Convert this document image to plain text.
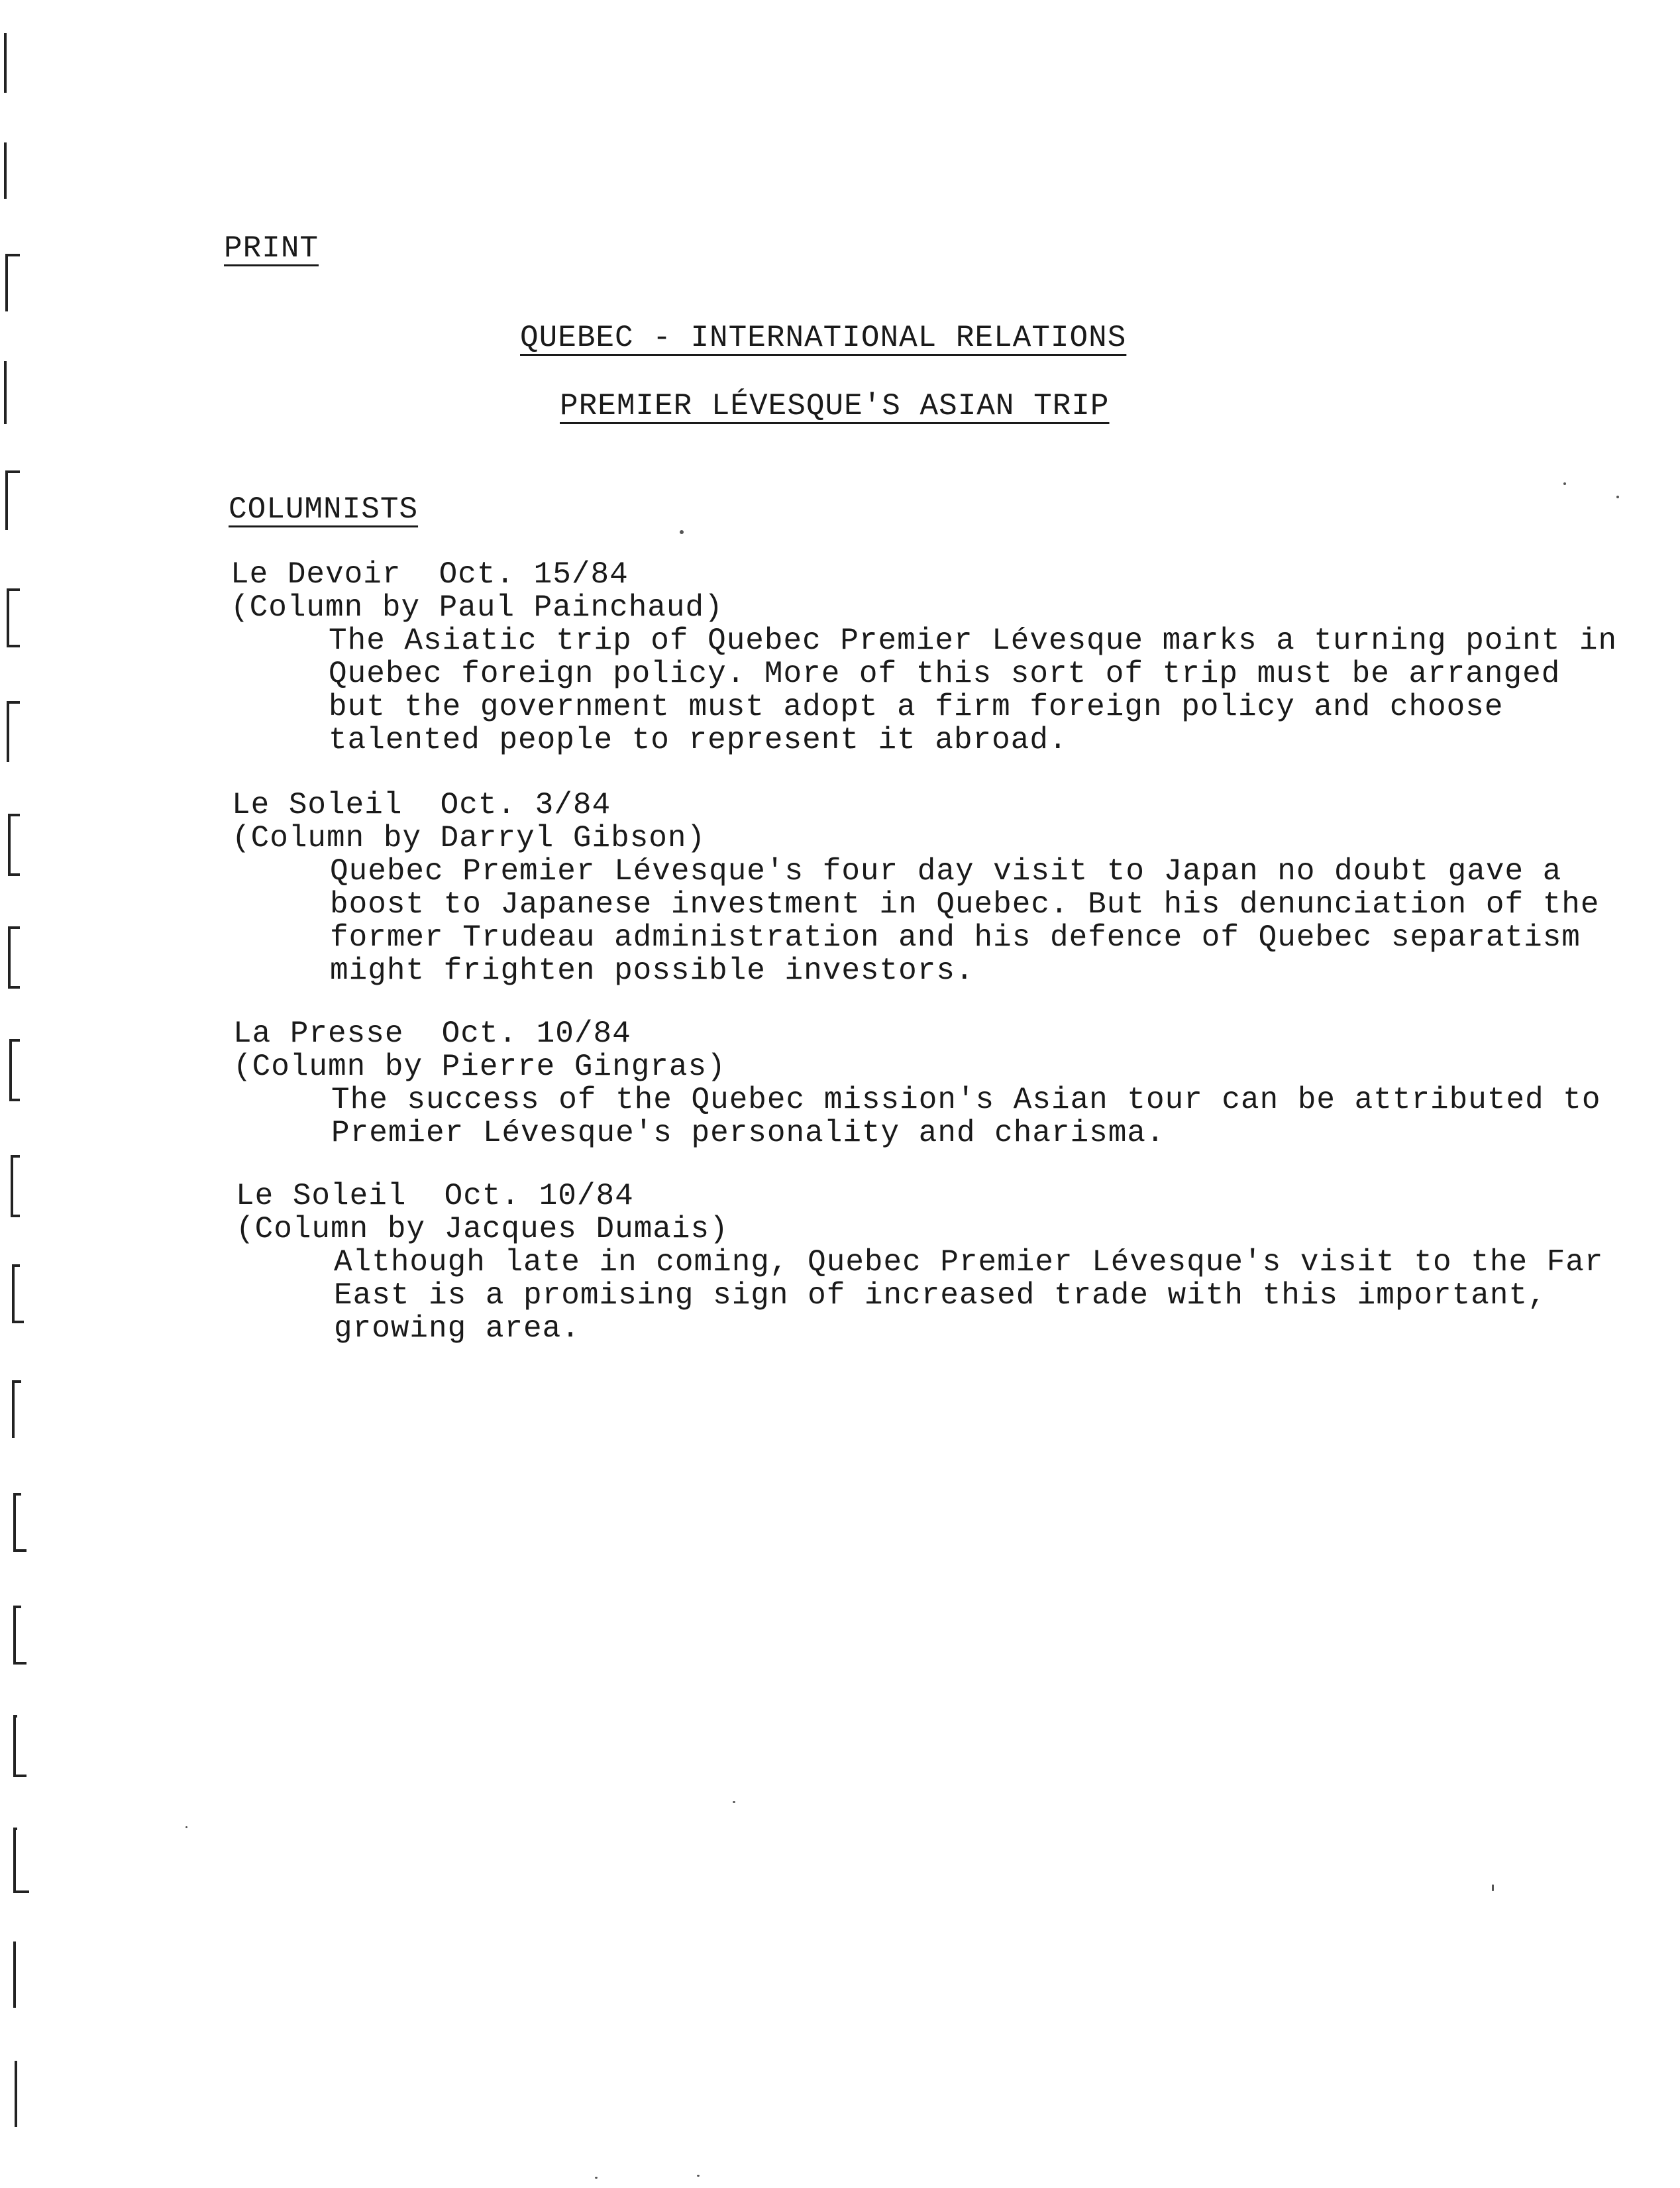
PRINT
QUEBEC - INTERNATIONAL RELATIONS
PREMIER LÉVESQUE'S ASIAN TRIP
COLUMNISTS
Le Devoir  Oct. 15/84
(Column by Paul Painchaud)
The Asiatic trip of Quebec Premier Lévesque marks a turning point in Quebec foreign policy. More of this sort of trip must be arranged but the government must adopt a firm foreign policy and choose talented people to represent it abroad.
Le Soleil  Oct. 3/84
(Column by Darryl Gibson)
Quebec Premier Lévesque's four day visit to Japan no doubt gave a boost to Japanese investment in Quebec. But his denunciation of the former Trudeau administration and his defence of Quebec separatism might frighten possible investors.
La Presse  Oct. 10/84
(Column by Pierre Gingras)
The success of the Quebec mission's Asian tour can be attributed to Premier Lévesque's personality and charisma.
Le Soleil  Oct. 10/84
(Column by Jacques Dumais)
Although late in coming, Quebec Premier Lévesque's visit to the Far East is a promising sign of increased trade with this important, growing area.
